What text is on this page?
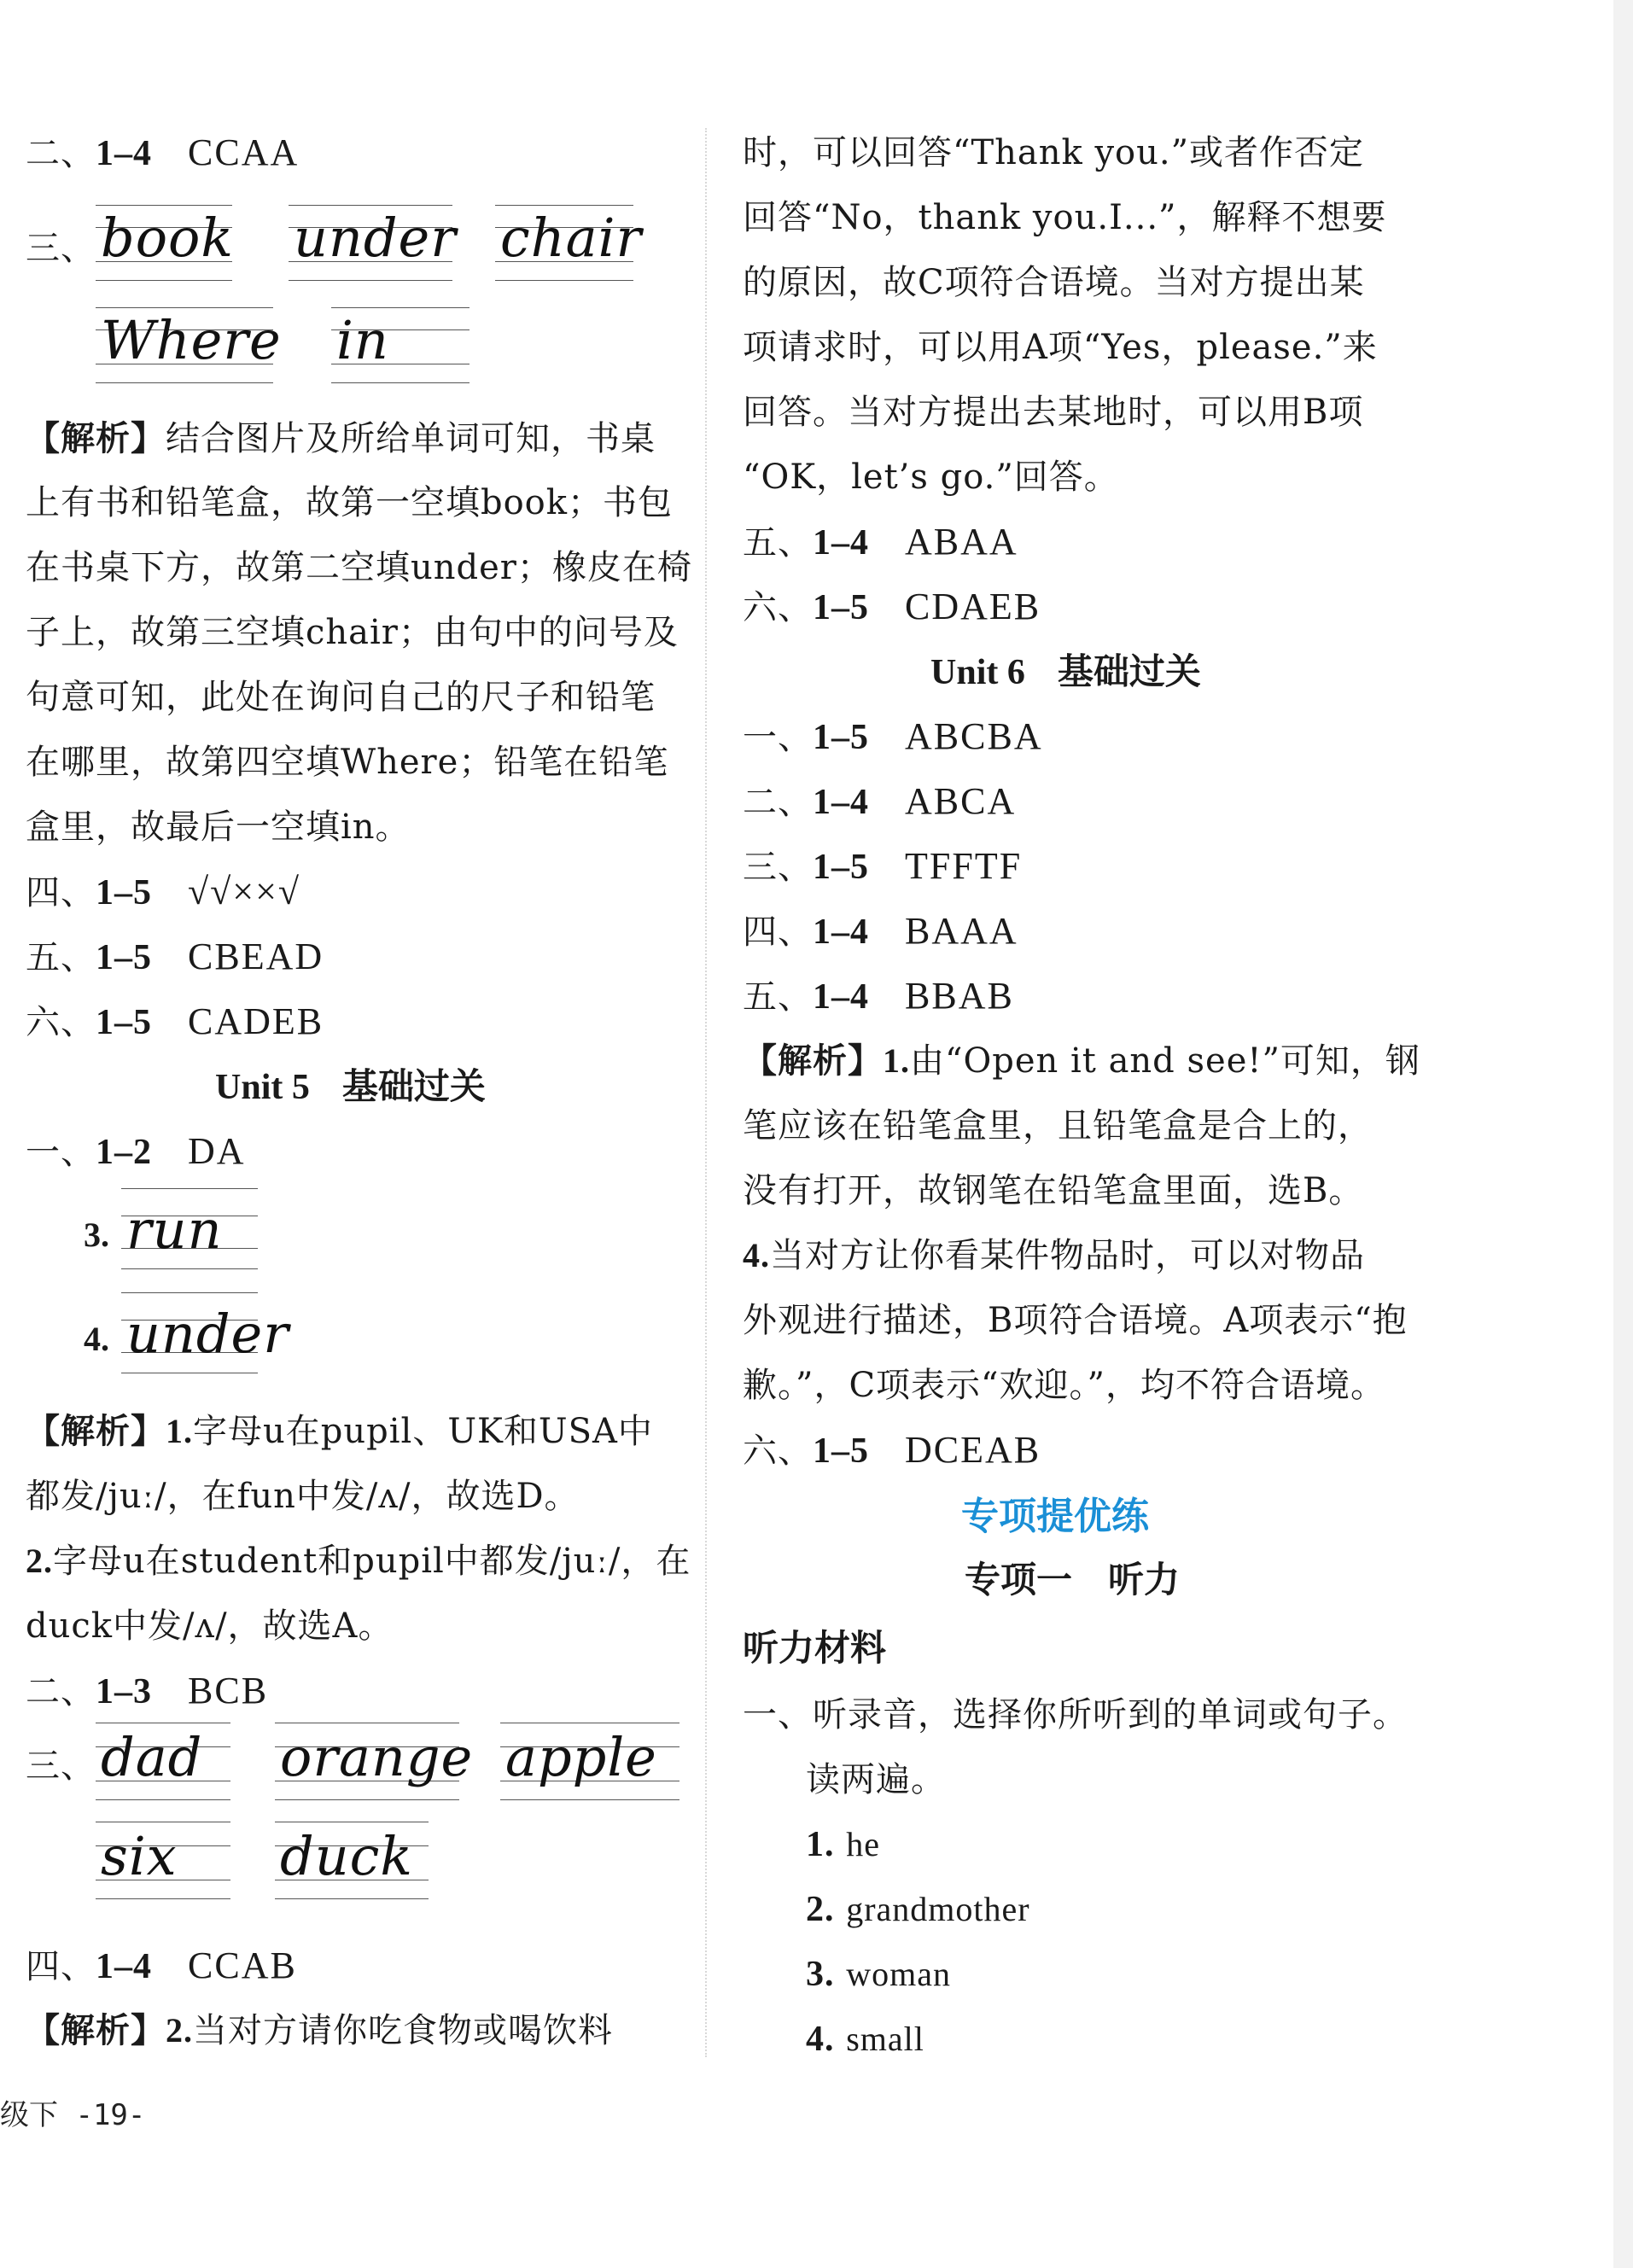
二、1–4 CCAA
三、 book under chair
Where in
【解析】结合图片及所给单词可知，书桌
上有书和铅笔盒，故第一空填book；书包
在书桌下方，故第二空填under；橡皮在椅
子上，故第三空填chair；由句中的问号及
句意可知，此处在询问自己的尺子和铅笔
在哪里，故第四空填Where；铅笔在铅笔
盒里，故最后一空填in。
四、1–5 √√××√
五、1–5 CBEAD
六、1–5 CADEB
Unit 5 基础过关
一、1–2 DA
3. run
4. under
【解析】1.字母u在pupil、UK和USA中
都发/juː/，在fun中发/ʌ/，故选D。
2.字母u在student和pupil中都发/juː/，在
duck中发/ʌ/，故选A。
二、1–3 BCB
三、 dad orange apple
six duck
四、1–4 CCAB
【解析】2.当对方请你吃食物或喝饮料
时，可以回答“Thank you.”或者作否定
回答“No，thank you.I...”，解释不想要
的原因，故C项符合语境。当对方提出某
项请求时，可以用A项“Yes，please.”来
回答。当对方提出去某地时，可以用B项
“OK，let’s go.”回答。
五、1–4 ABAA
六、1–5 CDAEB
Unit 6 基础过关
一、1–5 ABCBA
二、1–4 ABCA
三、1–5 TFFTF
四、1–4 BAAA
五、1–4 BBAB
【解析】1.由“Open it and see!”可知，钢
笔应该在铅笔盒里，且铅笔盒是合上的，
没有打开，故钢笔在铅笔盒里面，选B。
4.当对方让你看某件物品时，可以对物品
外观进行描述，B项符合语境。A项表示“抱
歉。”，C项表示“欢迎。”，均不符合语境。
六、1–5 DCEAB
专项提优练
专项一　听力
听力材料
一、听录音，选择你所听到的单词或句子。
读两遍。
1. he
2. grandmother
3. woman
4. small
级下 -19-
